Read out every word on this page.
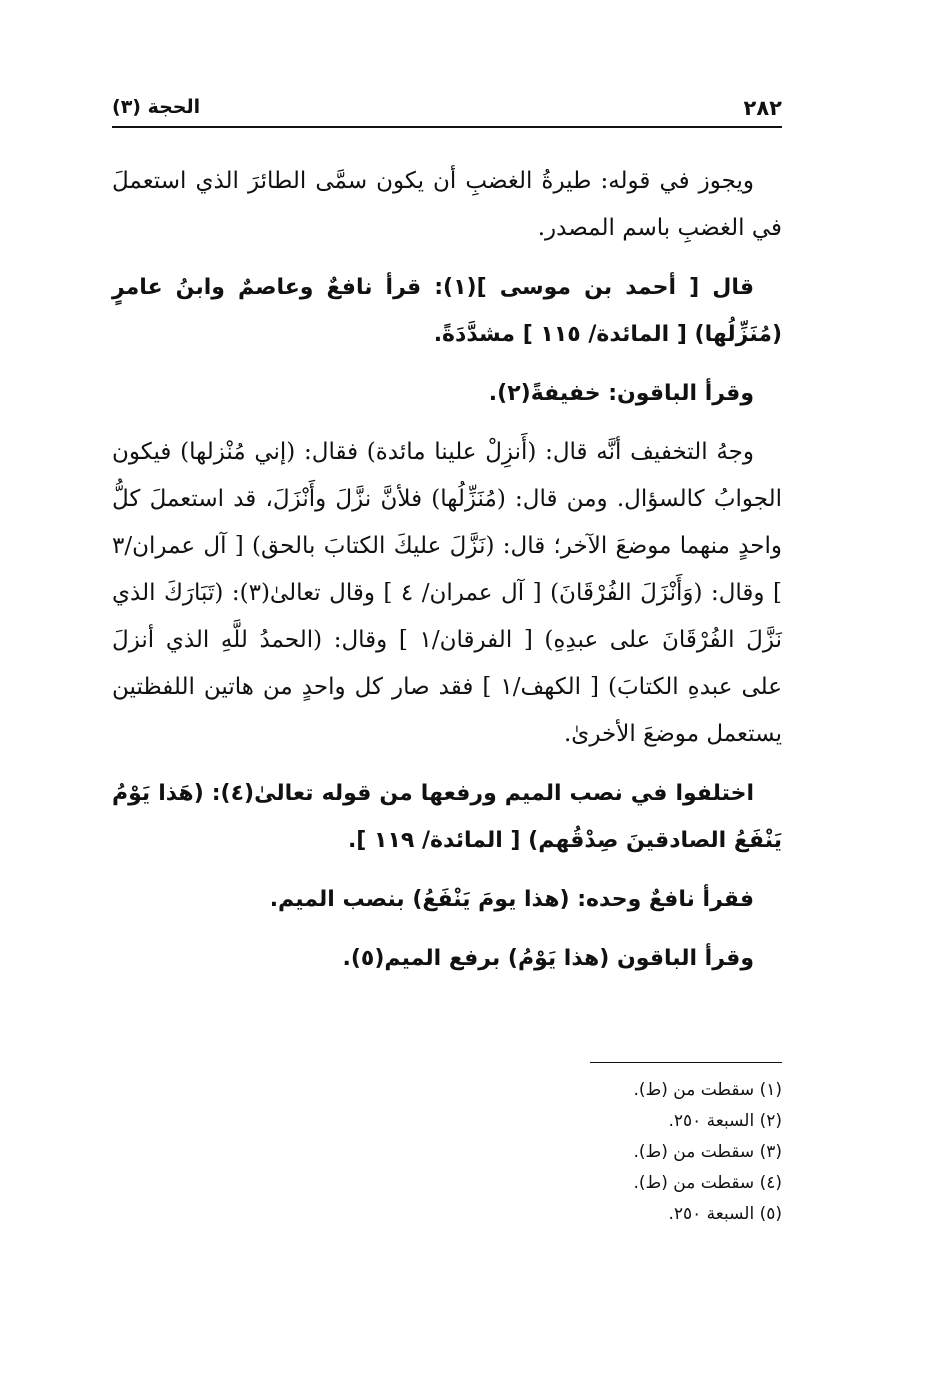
٢٨٢
الحجة (٣)

ويجوز في قوله: طيرةُ الغضبِ أن يكون سمَّى الطائرَ الذي استعملَ في الغضبِ باسم المصدر.

قال [ أحمد بن موسى ](١): قرأ نافعٌ وعاصمٌ وابنُ عامرٍ (مُنَزِّلُها) [ المائدة/ ١١٥ ] مشدَّدَةً.

وقرأ الباقون: خفيفةً(٢).

وجهُ التخفيف أنَّه قال: (أَنزِلْ علينا مائدة) فقال: (إني مُنْزلها) فيكون الجوابُ كالسؤال. ومن قال: (مُنَزِّلُها) فلأنَّ نزَّلَ وأَنْزَلَ، قد استعملَ كلُّ واحدٍ منهما موضعَ الآخر؛ قال: (نَزَّلَ عليكَ الكتابَ بالحق) [ آل عمران/٣ ] وقال: (وَأَنْزَلَ الفُرْقَانَ) [ آل عمران/ ٤ ] وقال تعالىٰ(٣): (تَبَارَكَ الذي نَزَّلَ الفُرْقَانَ على عبدِهِ) [ الفرقان/١ ] وقال: (الحمدُ للَّهِ الذي أنزلَ على عبدهِ الكتابَ) [ الكهف/١ ] فقد صار كل واحدٍ من هاتين اللفظتين يستعمل موضعَ الأخرىٰ.

اختلفوا في نصب الميم ورفعها من قوله تعالىٰ(٤): (هَذا يَوْمُ يَنْفَعُ الصادقينَ صِدْقُهم) [ المائدة/ ١١٩ ].

فقرأ نافعٌ وحده: (هذا يومَ يَنْفَعُ) بنصب الميم.

وقرأ الباقون (هذا يَوْمُ) برفع الميم(٥).

(١) سقطت من (ط).

(٢) السبعة ٢٥٠.

(٣) سقطت من (ط).

(٤) سقطت من (ط).

(٥) السبعة ٢٥٠.
